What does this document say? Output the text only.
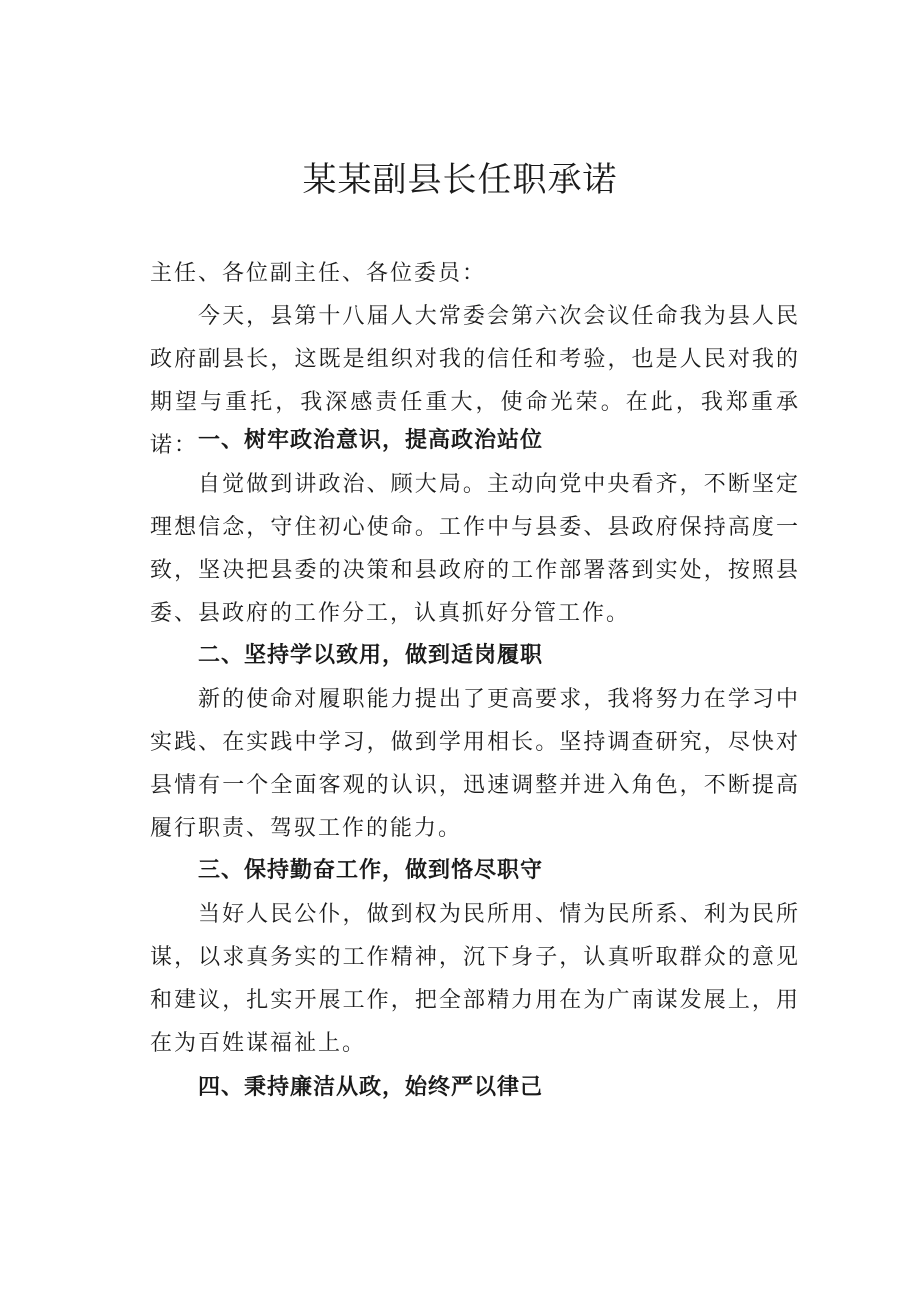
某某副县长任职承诺

主任、各位副主任、各位委员：

今天，县第十八届人大常委会第六次会议任命我为县人民政府副县长，这既是组织对我的信任和考验，也是人民对我的期望与重托，我深感责任重大，使命光荣。在此，我郑重承诺： 一、树牢政治意识，提高政治站位

自觉做到讲政治、顾大局。主动向党中央看齐，不断坚定理想信念，守住初心使命。工作中与县委、县政府保持高度一致，坚决把县委的决策和县政府的工作部署落到实处，按照县委、县政府的工作分工，认真抓好分管工作。

二、坚持学以致用，做到适岗履职

新的使命对履职能力提出了更高要求，我将努力在学习中实践、在实践中学习，做到学用相长。坚持调查研究，尽快对县情有一个全面客观的认识，迅速调整并进入角色，不断提高履行职责、驾驭工作的能力。

三、保持勤奋工作，做到恪尽职守

当好人民公仆，做到权为民所用、情为民所系、利为民所谋，以求真务实的工作精神，沉下身子，认真听取群众的意见和建议，扎实开展工作，把全部精力用在为广南谋发展上，用在为百姓谋福祉上。

四、秉持廉洁从政，始终严以律己
